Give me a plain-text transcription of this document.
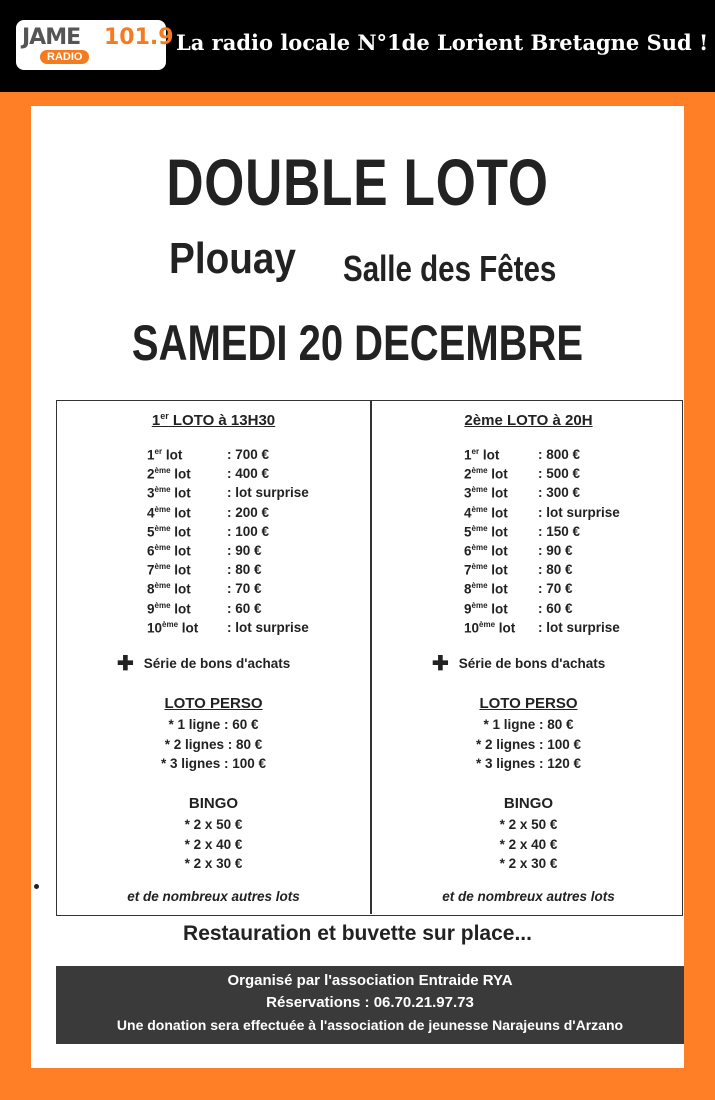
JAME 101.9
RADIO
La radio locale N°1de Lorient Bretagne Sud !
DOUBLE LOTO
Plouay Salle des Fêtes
SAMEDI 20 DECEMBRE
1er LOTO à 13H30
1er lot	: 700 €
2ème lot	: 400 €
3ème lot	: lot surprise
4ème lot	: 200 €
5ème lot	: 100 €
6ème lot	: 90 €
7ème lot	: 80 €
8ème lot	: 70 €
9ème lot	: 60 €
10ème lot : lot surprise
✚ Série de bons d'achats
LOTO PERSO
* 1 ligne : 60 €
* 2 lignes : 80 €
* 3 lignes : 100 €
BINGO
* 2 x 50 €
* 2 x 40 €
* 2 x 30 €
et de nombreux autres lots
2ème LOTO à 20H
1er lot	: 800 €
2ème lot	: 500 €
3ème lot	: 300 €
4ème lot	: lot surprise
5ème lot	: 150 €
6ème lot	: 90 €
7ème lot	: 80 €
8ème lot	: 70 €
9ème lot	: 60 €
10ème lot	: lot surprise
✚ Série de bons d'achats
LOTO PERSO
* 1 ligne : 80 €
* 2 lignes : 100 €
* 3 lignes : 120 €
BINGO
* 2 x 50 €
* 2 x 40 €
* 2 x 30 €
et de nombreux autres lots
Restauration et buvette sur place...
Organisé par l'association Entraide RYA
Réservations : 06.70.21.97.73
Une donation sera effectuée à l'association de jeunesse Narajeuns d'Arzano
